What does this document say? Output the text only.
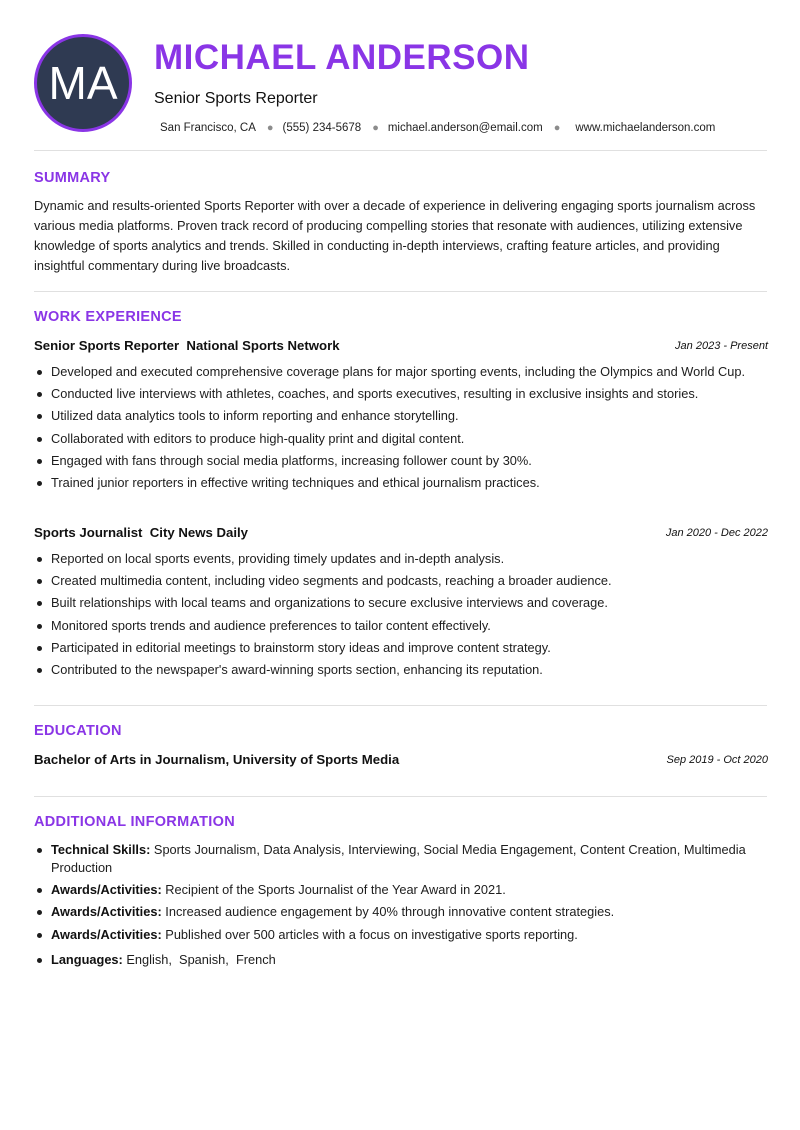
MA MICHAEL ANDERSON
Senior Sports Reporter
San Francisco, CA ● (555) 234-5678 ● michael.anderson@email.com ● www.michaelanderson.com
SUMMARY

Dynamic and results-oriented Sports Reporter with over a decade of experience in delivering engaging sports journalism across various media platforms. Proven track record of producing compelling stories that resonate with audiences, utilizing extensive knowledge of sports analytics and trends. Skilled in conducting in-depth interviews, crafting feature articles, and providing insightful commentary during live broadcasts.

WORK EXPERIENCE
Senior Sports Reporter National Sports Network	Jan 2023 - Present
Developed and executed comprehensive coverage plans for major sporting events, including the Olympics and World Cup.
Conducted live interviews with athletes, coaches, and sports executives, resulting in exclusive insights and stories.
Utilized data analytics tools to inform reporting and enhance storytelling.
Collaborated with editors to produce high-quality print and digital content.
Engaged with fans through social media platforms, increasing follower count by 30%.
Trained junior reporters in effective writing techniques and ethical journalism practices.
Sports Journalist City News Daily	Jan 2020 - Dec 2022
Reported on local sports events, providing timely updates and in-depth analysis.
Created multimedia content, including video segments and podcasts, reaching a broader audience.
Built relationships with local teams and organizations to secure exclusive interviews and coverage.
Monitored sports trends and audience preferences to tailor content effectively.
Participated in editorial meetings to brainstorm story ideas and improve content strategy.
Contributed to the newspaper's award-winning sports section, enhancing its reputation.
EDUCATION
Bachelor of Arts in Journalism, University of Sports Media	Sep 2019 - Oct 2020
ADDITIONAL INFORMATION
Technical Skills: Sports Journalism, Data Analysis, Interviewing, Social Media Engagement, Content Creation, Multimedia Production
Awards/Activities: Recipient of the Sports Journalist of the Year Award in 2021.
Awards/Activities: Increased audience engagement by 40% through innovative content strategies.
Awards/Activities: Published over 500 articles with a focus on investigative sports reporting.
Languages: English,  Spanish,  French
